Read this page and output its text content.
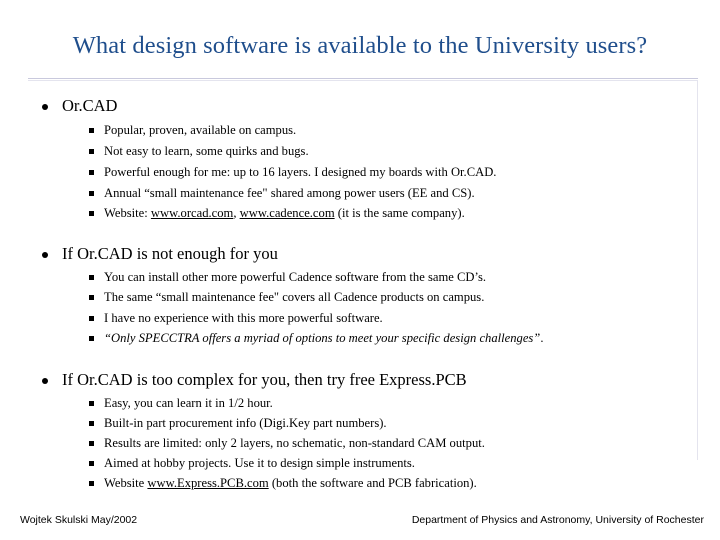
What design software is available to the University users?
Or.CAD
Popular, proven, available on campus.
Not easy to learn, some quirks and bugs.
Powerful enough for me: up to 16 layers. I designed my boards with Or.CAD.
Annual “small maintenance fee" shared among power users (EE and CS).
Website: www.orcad.com, www.cadence.com (it is the same company).
If Or.CAD is not enough for you
You can install other more powerful Cadence software from the same CD’s.
The same “small maintenance fee" covers all Cadence products on campus.
I have no experience with this more powerful software.
“Only SPECCTRA offers a myriad of options to meet your specific design challenges”.
If Or.CAD is too complex for you, then try free Express.PCB
Easy, you can learn it in 1/2 hour.
Built-in part procurement info (Digi.Key part numbers).
Results are limited: only 2 layers, no schematic, non-standard CAM output.
Aimed at hobby projects. Use it to design simple instruments.
Website www.Express.PCB.com (both the software and PCB fabrication).
Wojtek Skulski May/2002	Department of Physics and Astronomy, University of Rochester
